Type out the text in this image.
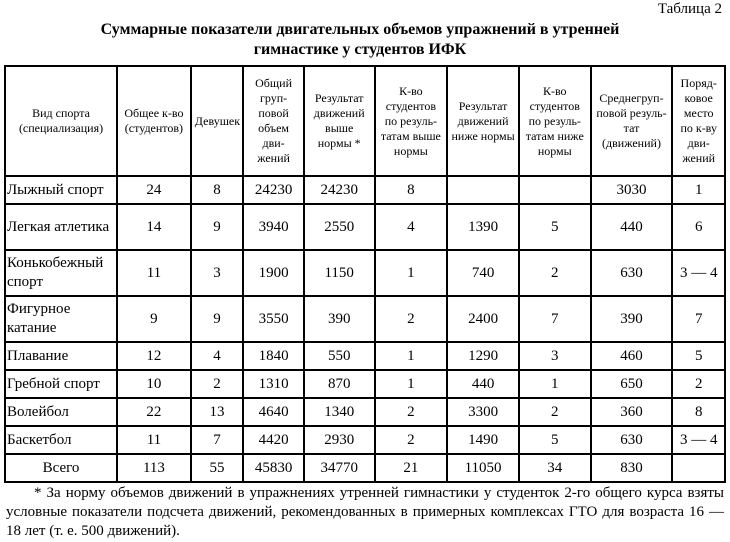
Таблица 2
Суммарные показатели двигательных объемов упражнений в утренней
гимнастике у студентов ИФК
Вид спорта (специализация)	Общее к-во (студентов)	Девушек	Общий груп-повой объем дви-жений	Результат движений выше нормы *	К-во студентов по резуль-татам выше нормы	Результат движений ниже нормы	К-во студентов по резуль-татам ниже нормы	Среднегруп-повой резуль-тат (движений)	Поряд-ковое место по к-ву дви-жений
Лыжный спорт	24	8	24230	24230	8			3030	1
Легкая атлетика	14	9	3940	2550	4	1390	5	440	6
Конькобежный спорт	11	3	1900	1150	1	740	2	630	3 — 4
Фигурное катание	9	9	3550	390	2	2400	7	390	7
Плавание	12	4	1840	550	1	1290	3	460	5
Гребной спорт	10	2	1310	870	1	440	1	650	2
Волейбол	22	13	4640	1340	2	3300	2	360	8
Баскетбол	11	7	4420	2930	2	1490	5	630	3 — 4
Всего	113	55	45830	34770	21	11050	34	830	
* За норму объемов движений в упражнениях утренней гимнастики у студенток 2-го общего курса взяты условные показатели подсчета движений, рекомендованных в примерных комплексах ГТО для возраста 16 — 18 лет (т. е. 500 движений).
